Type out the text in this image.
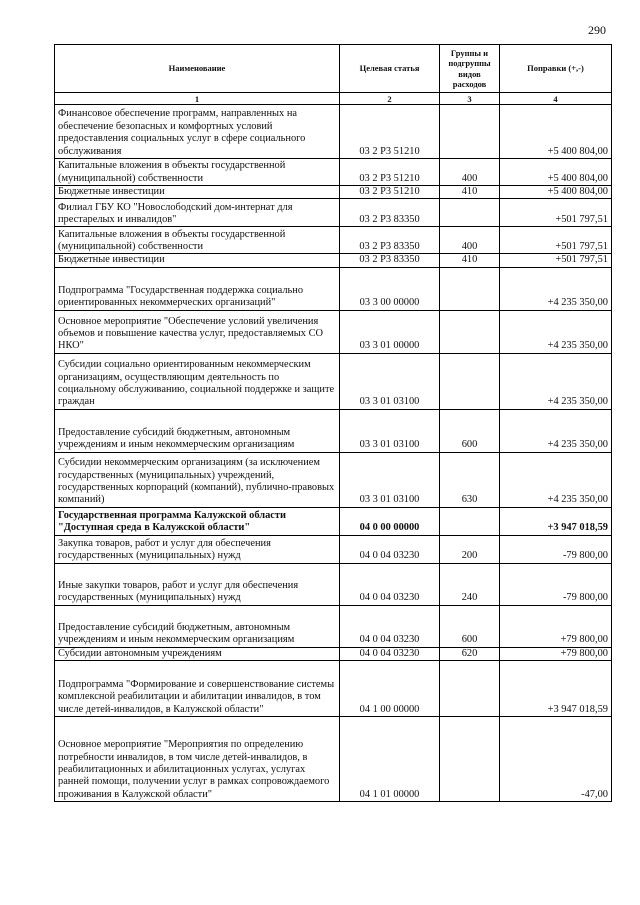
290
Наименование	Целевая статья	Группы и подгруппы видов расходов	Поправки (+,-)
1	2	3	4
Финансовое обеспечение программ, направленных на обеспечение безопасных и комфортных условий предоставления социальных услуг в сфере социального обслуживания	03 2 Р3 51210		+5 400 804,00
Капитальные вложения в объекты государственной (муниципальной) собственности	03 2 Р3 51210	400	+5 400 804,00
Бюджетные инвестиции	03 2 Р3 51210	410	+5 400 804,00
Филиал ГБУ КО "Новослободский дом-интернат для престарелых и инвалидов"	03 2 Р3 83350		+501 797,51
Капитальные вложения в объекты государственной (муниципальной) собственности	03 2 Р3 83350	400	+501 797,51
Бюджетные инвестиции	03 2 Р3 83350	410	+501 797,51
Подпрограмма "Государственная поддержка социально ориентированных некоммерческих организаций"	03 3 00 00000		+4 235 350,00
Основное мероприятие "Обеспечение условий увеличения объемов и повышение качества услуг, предоставляемых СО НКО"	03 3 01 00000		+4 235 350,00
Субсидии социально ориентированным некоммерческим организациям, осуществляющим деятельность по социальному обслуживанию, социальной поддержке и защите граждан	03 3 01 03100		+4 235 350,00
Предоставление субсидий бюджетным, автономным учреждениям и иным некоммерческим организациям	03 3 01 03100	600	+4 235 350,00
Субсидии некоммерческим организациям (за исключением государственных (муниципальных) учреждений, государственных корпораций (компаний), публично-правовых компаний)	03 3 01 03100	630	+4 235 350,00
Государственная программа Калужской области "Доступная среда в Калужской области"	04 0 00 00000		+3 947 018,59
Закупка товаров, работ и услуг для обеспечения государственных (муниципальных) нужд	04 0 04 03230	200	-79 800,00
Иные закупки товаров, работ и услуг для обеспечения государственных (муниципальных) нужд	04 0 04 03230	240	-79 800,00
Предоставление субсидий бюджетным, автономным учреждениям и иным некоммерческим организациям	04 0 04 03230	600	+79 800,00
Субсидии автономным учреждениям	04 0 04 03230	620	+79 800,00
Подпрограмма "Формирование и совершенствование системы комплексной реабилитации и абилитации инвалидов, в том числе детей-инвалидов, в Калужской области"	04 1 00 00000		+3 947 018,59
Основное мероприятие "Мероприятия по определению потребности инвалидов, в том числе детей-инвалидов, в реабилитационных и абилитационных услугах, услугах ранней помощи, получении услуг в рамках сопровождаемого проживания в Калужской области"	04 1 01 00000		-47,00
